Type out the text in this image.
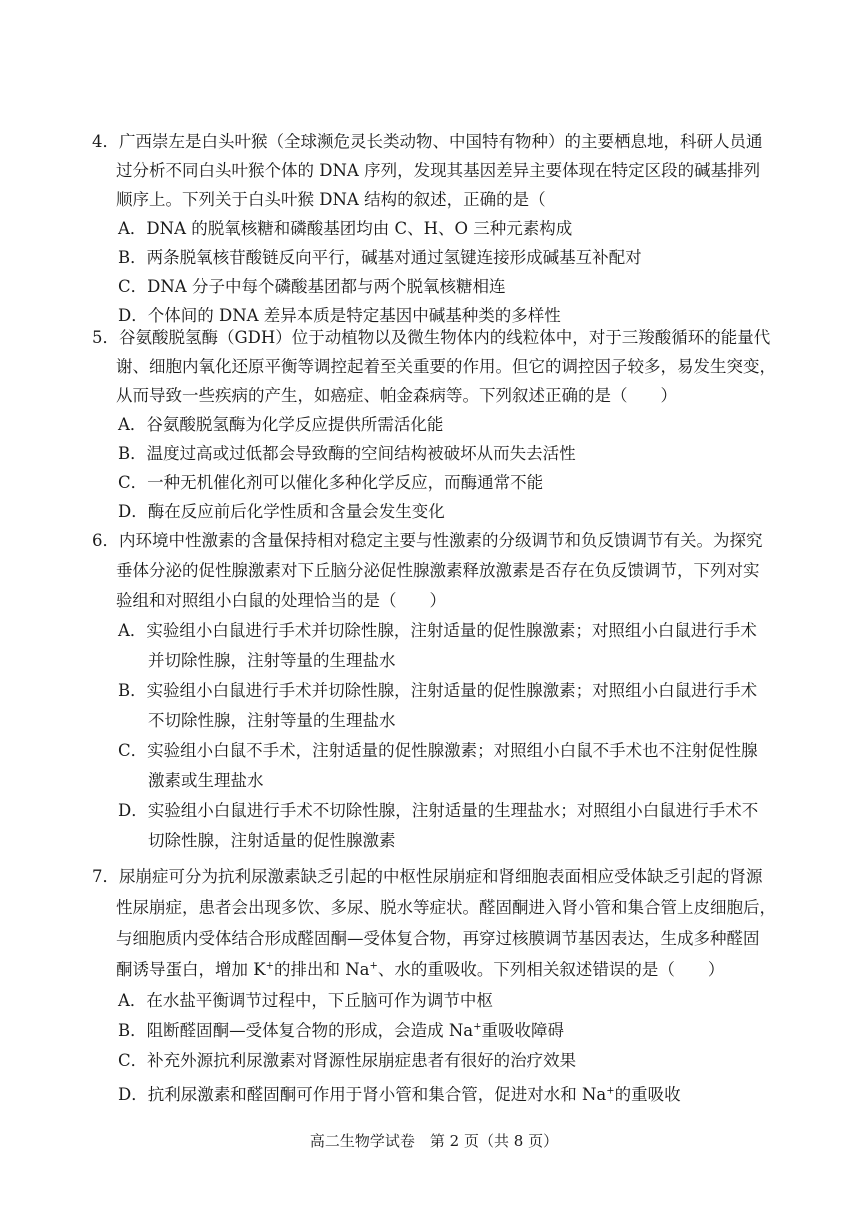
4．广西崇左是白头叶猴（全球濒危灵长类动物、中国特有物种）的主要栖息地，科研人员通
过分析不同白头叶猴个体的 DNA 序列，发现其基因差异主要体现在特定区段的碱基排列
顺序上。下列关于白头叶猴 DNA 结构的叙述，正确的是（
A．DNA 的脱氧核糖和磷酸基团均由 C、H、O 三种元素构成
B．两条脱氧核苷酸链反向平行，碱基对通过氢键连接形成碱基互补配对
C．DNA 分子中每个磷酸基团都与两个脱氧核糖相连
D．个体间的 DNA 差异本质是特定基因中碱基种类的多样性
5．谷氨酸脱氢酶（GDH）位于动植物以及微生物体内的线粒体中，对于三羧酸循环的能量代
谢、细胞内氧化还原平衡等调控起着至关重要的作用。但它的调控因子较多，易发生突变，
从而导致一些疾病的产生，如癌症、帕金森病等。下列叙述正确的是（　　）
A．谷氨酸脱氢酶为化学反应提供所需活化能
B．温度过高或过低都会导致酶的空间结构被破坏从而失去活性
C．一种无机催化剂可以催化多种化学反应，而酶通常不能
D．酶在反应前后化学性质和含量会发生变化
6．内环境中性激素的含量保持相对稳定主要与性激素的分级调节和负反馈调节有关。为探究
垂体分泌的促性腺激素对下丘脑分泌促性腺激素释放激素是否存在负反馈调节，下列对实
验组和对照组小白鼠的处理恰当的是（　　）
A．实验组小白鼠进行手术并切除性腺，注射适量的促性腺激素；对照组小白鼠进行手术
并切除性腺，注射等量的生理盐水
B．实验组小白鼠进行手术并切除性腺，注射适量的促性腺激素；对照组小白鼠进行手术
不切除性腺，注射等量的生理盐水
C．实验组小白鼠不手术，注射适量的促性腺激素；对照组小白鼠不手术也不注射促性腺
激素或生理盐水
D．实验组小白鼠进行手术不切除性腺，注射适量的生理盐水；对照组小白鼠进行手术不
切除性腺，注射适量的促性腺激素
7．尿崩症可分为抗利尿激素缺乏引起的中枢性尿崩症和肾细胞表面相应受体缺乏引起的肾源
性尿崩症，患者会出现多饮、多尿、脱水等症状。醛固酮进入肾小管和集合管上皮细胞后，
与细胞质内受体结合形成醛固酮—受体复合物，再穿过核膜调节基因表达，生成多种醛固
酮诱导蛋白，增加 K+的排出和 Na+、水的重吸收。下列相关叙述错误的是（　　）
A．在水盐平衡调节过程中，下丘脑可作为调节中枢
B．阻断醛固酮—受体复合物的形成，会造成 Na+重吸收障碍
C．补充外源抗利尿激素对肾源性尿崩症患者有很好的治疗效果
D．抗利尿激素和醛固酮可作用于肾小管和集合管，促进对水和 Na+的重吸收
高二生物学试卷　第 2 页（共 8 页）
